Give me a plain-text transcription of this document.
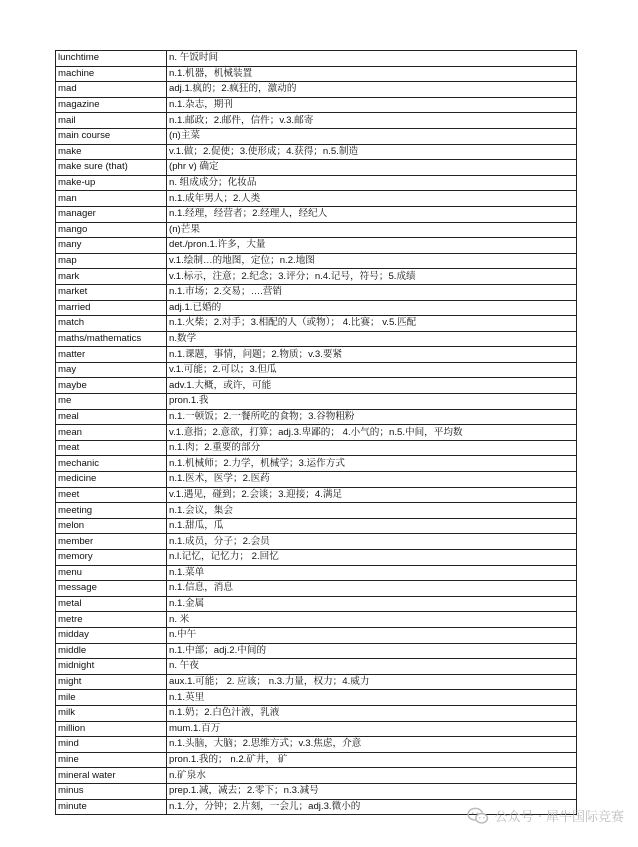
lunchtime	n. 午饭时间
machine	n.1.机器，机械装置
mad	adj.1.疯的；2.疯狂的，激动的
magazine	n.1.杂志，期刊
mail	n.1.邮政；2.邮件，信件；v.3.邮寄
main course	(n)主菜
make	v.1.做；2.促使；3.使形成；4.获得；n.5.制造
make sure (that)	(phr v) 确定
make-up	n. 组成成分；化妆品
man	n.1.成年男人；2.人类
manager	n.1.经理，经营者；2.经理人，经纪人
mango	(n)芒果
many	det./pron.1.许多，大量
map	v.1.绘制…的地图，定位；n.2.地图
mark	v.1.标示，注意；2.纪念；3.评分；n.4.记号，符号；5.成绩
market	n.1.市场；2.交易；….营销
married	adj.1.已婚的
match	n.1.火柴；2.对手；3.相配的人（或物）； 4.比赛； v.5.匹配
maths/mathematics	n.数学
matter	n.1.课题，事情，问题；2.物质；v.3.要紧
may	v.1.可能；2.可以；3.但瓜
maybe	adv.1.大概，或许，可能
me	pron.1.我
meal	n.1.一顿饭；2.一餐所吃的食物；3.谷物粗粉
mean	v.1.意指；2.意欲，打算；adj.3.卑鄙的； 4.小气的；n.5.中间，平均数
meat	n.1.肉；2.重要的部分
mechanic	n.1.机械师；2.力学，机械学；3.运作方式
medicine	n.1.医术，医学；2.医药
meet	v.1.遇见，碰到；2.会谈；3.迎接；4.满足
meeting	n.1.会议，集会
melon	n.1.甜瓜，瓜
member	n.1.成员，分子；2.会员
memory	n.l.记忆，记忆力； 2.回忆
menu	n.1.菜单
message	n.1.信息，消息
metal	n.1.金属
metre	n. 米
midday	n.中午
middle	n.1.中部；adj.2.中间的
midnight	n. 午夜
might	aux.1.可能； 2. 应该； n.3.力量，权力；4.威力
mile	n.1.英里
milk	n.1.奶；2.白色汁液，乳液
million	mum.1.百万
mind	n.1.头脑，大脑；2.思维方式；v.3.焦虑，介意
mine	pron.1.我的； n.2.矿井， 矿
mineral water	n.矿泉水
minus	prep.1.减，减去；2.零下；n.3.减号
minute	n.1.分，分钟；2.片刻，一会儿；adj.3.微小的
公众号 · 犀牛国际竞赛
